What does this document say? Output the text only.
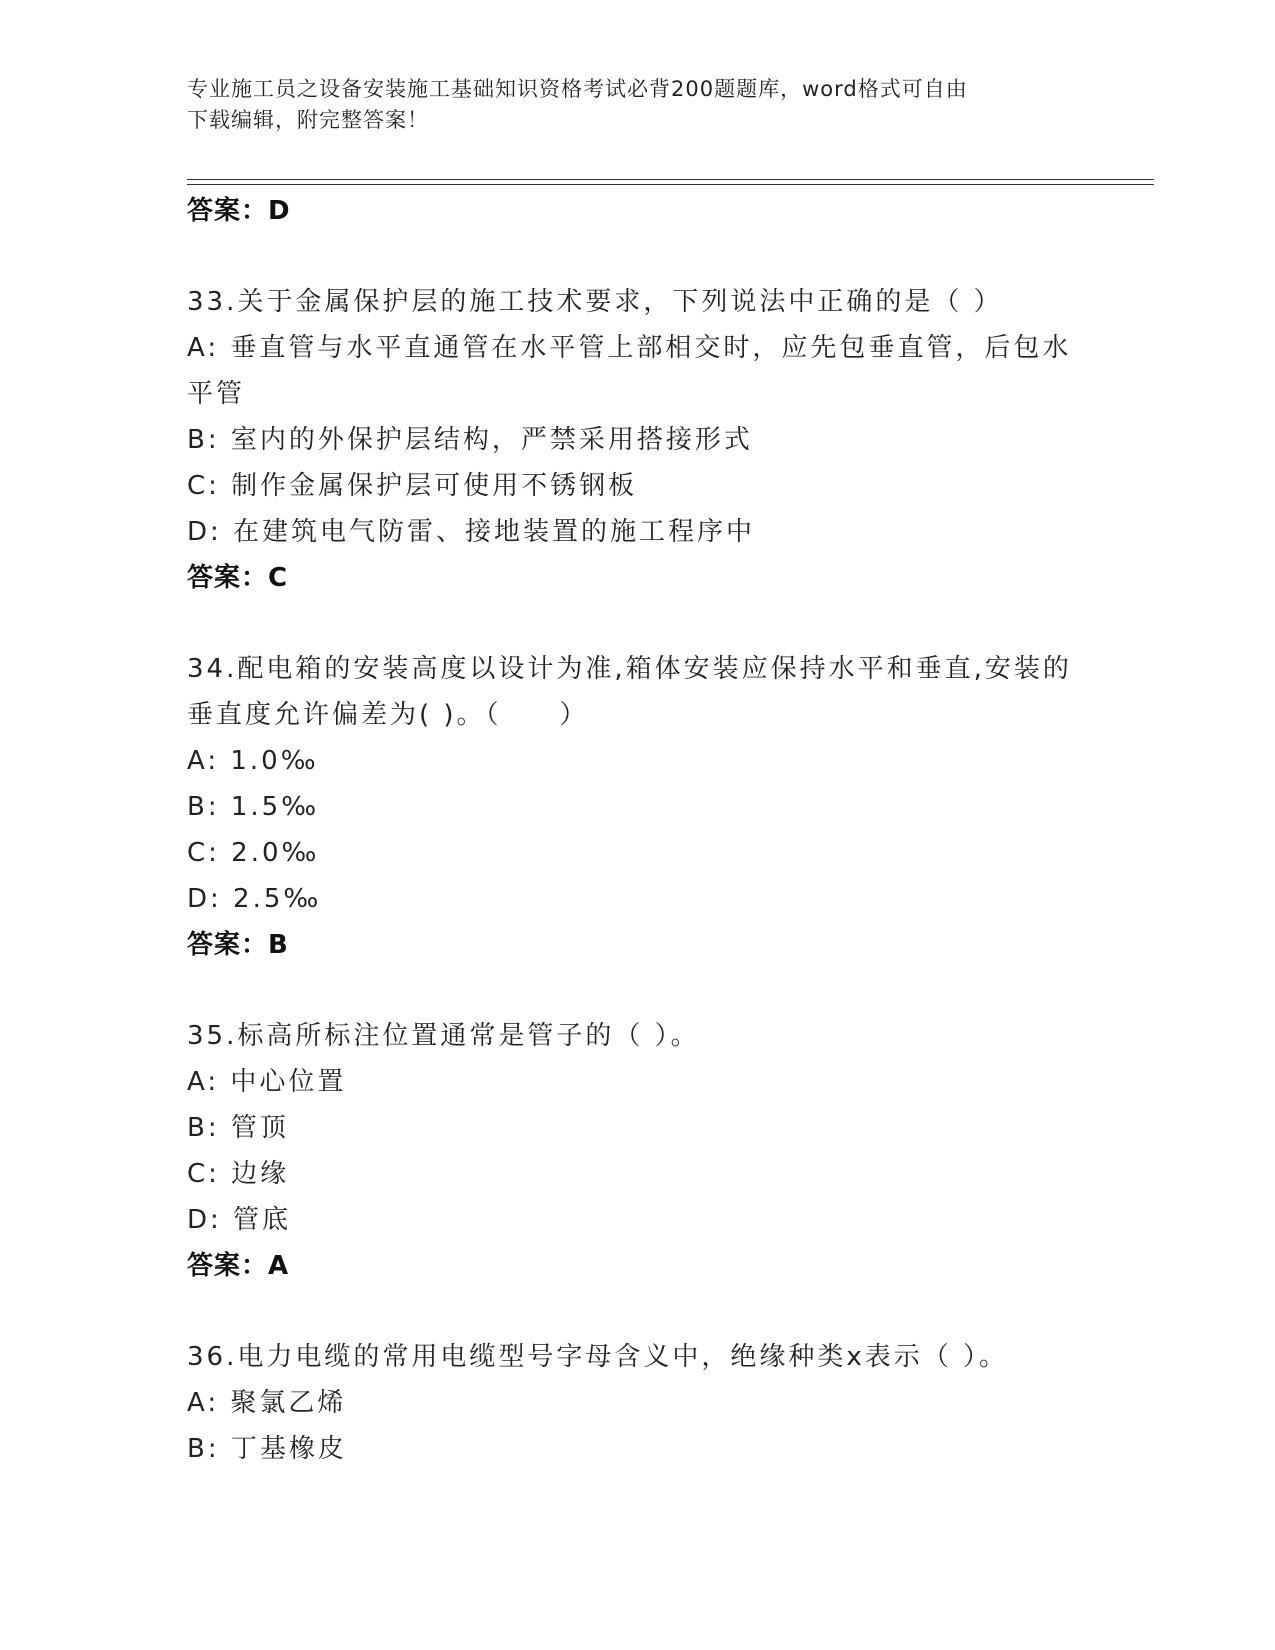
专业施工员之设备安装施工基础知识资格考试必背200题题库，word格式可自由
下载编辑，附完整答案！
答案：D
33.关于金属保护层的施工技术要求，下列说法中正确的是（ ）
A: 垂直管与水平直通管在水平管上部相交时，应先包垂直管，后包水
平管
B: 室内的外保护层结构，严禁采用搭接形式
C: 制作金属保护层可使用不锈钢板
D: 在建筑电气防雷、接地装置的施工程序中
答案：C
34.配电箱的安装高度以设计为准,箱体安装应保持水平和垂直,安装的
垂直度允许偏差为( )。（　　）
A: 1.0‰
B: 1.5‰
C: 2.0‰
D: 2.5‰
答案：B
35.标高所标注位置通常是管子的（ ）。
A: 中心位置
B: 管顶
C: 边缘
D: 管底
答案：A
36.电力电缆的常用电缆型号字母含义中，绝缘种类x表示（ ）。
A: 聚氯乙烯
B: 丁基橡皮
